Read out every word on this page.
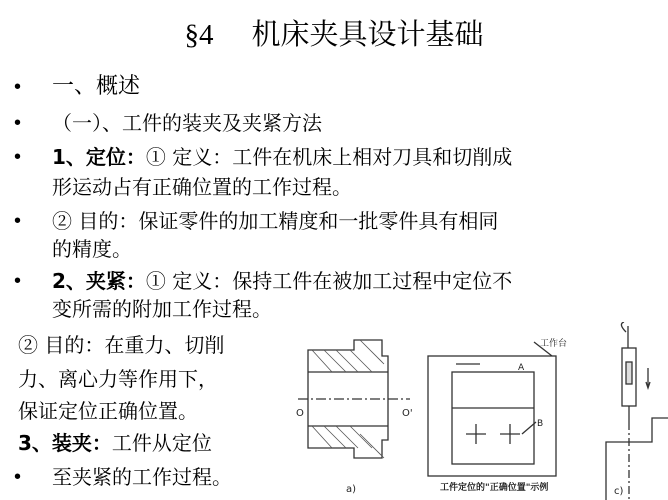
§4 机床夹具设计基础
• 一、概述
• （一）、工件的装夹及夹紧方法
• 1、定位：① 定义：工件在机床上相对刀具和切削成
形运动占有正确位置的工作过程。
• ② 目的：保证零件的加工精度和一批零件具有相同
的精度。
• 2、夹紧：① 定义：保持工件在被加工过程中定位不
变所需的附加工作过程。
② 目的：在重力、切削
力、离心力等作用下，
保证定位正确位置。
3、装夹：工件从定位
• 至夹紧的工作过程。
O	O'
a)
工作台
A
B
工件定位的"正确位置"示例	c)
